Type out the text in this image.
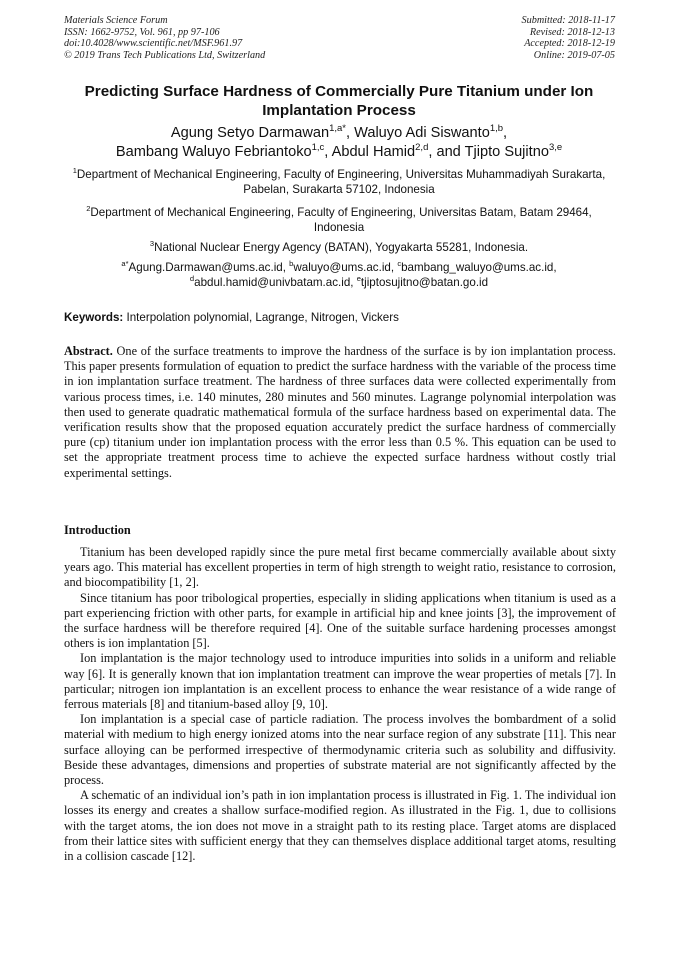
Materials Science Forum
ISSN: 1662-9752, Vol. 961, pp 97-106
doi:10.4028/www.scientific.net/MSF.961.97
© 2019 Trans Tech Publications Ltd, Switzerland
Submitted: 2018-11-17
Revised: 2018-12-13
Accepted: 2018-12-19
Online: 2019-07-05
Predicting Surface Hardness of Commercially Pure Titanium under Ion Implantation Process
Agung Setyo Darmawan$^{1,a*}$, Waluyo Adi Siswanto$^{1,b}$,
Bambang Waluyo Febriantoko$^{1,c}$, Abdul Hamid$^{2,d}$, and Tjipto Sujitno$^{3,e}$
$^1$Department of Mechanical Engineering, Faculty of Engineering, Universitas Muhammadiyah Surakarta, Pabelan, Surakarta 57102, Indonesia
$^2$Department of Mechanical Engineering, Faculty of Engineering, Universitas Batam, Batam 29464, Indonesia
$^3$National Nuclear Energy Agency (BATAN), Yogyakarta 55281, Indonesia.
$^{a*}$Agung.Darmawan@ums.ac.id, $^b$waluyo@ums.ac.id, $^c$bambang_waluyo@ums.ac.id,
$^d$abdul.hamid@univbatam.ac.id, $^e$tjiptosujitno@batan.go.id
Keywords: Interpolation polynomial, Lagrange, Nitrogen, Vickers
Abstract. One of the surface treatments to improve the hardness of the surface is by ion implantation process. This paper presents formulation of equation to predict the surface hardness with the variable of the process time in ion implantation surface treatment. The hardness of three surfaces data were collected experimentally from various process times, i.e. 140 minutes, 280 minutes and 560 minutes. Lagrange polynomial interpolation was then used to generate quadratic mathematical formula of the surface hardness based on experimental data. The verification results show that the proposed equation accurately predict the surface hardness of commercially pure (cp) titanium under ion implantation process with the error less than 0.5 %. This equation can be used to set the appropriate treatment process time to achieve the expected surface hardness without costly trial experimental settings.
Introduction

Titanium has been developed rapidly since the pure metal first became commercially available about sixty years ago. This material has excellent properties in term of high strength to weight ratio, resistance to corrosion, and biocompatibility [1, 2].

Since titanium has poor tribological properties, especially in sliding applications when titanium is used as a part experiencing friction with other parts, for example in artificial hip and knee joints [3], the improvement of the surface hardness will be therefore required [4]. One of the suitable surface hardening processes amongst others is ion implantation [5].

Ion implantation is the major technology used to introduce impurities into solids in a uniform and reliable way [6]. It is generally known that ion implantation treatment can improve the wear properties of metals [7]. In particular; nitrogen ion implantation is an excellent process to enhance the wear resistance of a wide range of ferrous materials [8] and titanium-based alloy [9, 10].

Ion implantation is a special case of particle radiation. The process involves the bombardment of a solid material with medium to high energy ionized atoms into the near surface region of any substrate [11]. This near surface alloying can be performed irrespective of thermodynamic criteria such as solubility and diffusivity. Beside these advantages, dimensions and properties of substrate material are not significantly affected by the process.

A schematic of an individual ion’s path in ion implantation process is illustrated in Fig. 1. The individual ion losses its energy and creates a shallow surface-modified region. As illustrated in the Fig. 1, due to collisions with the target atoms, the ion does not move in a straight path to its resting place. Target atoms are displaced from their lattice sites with sufficient energy that they can themselves displace additional target atoms, resulting in a collision cascade [12].
